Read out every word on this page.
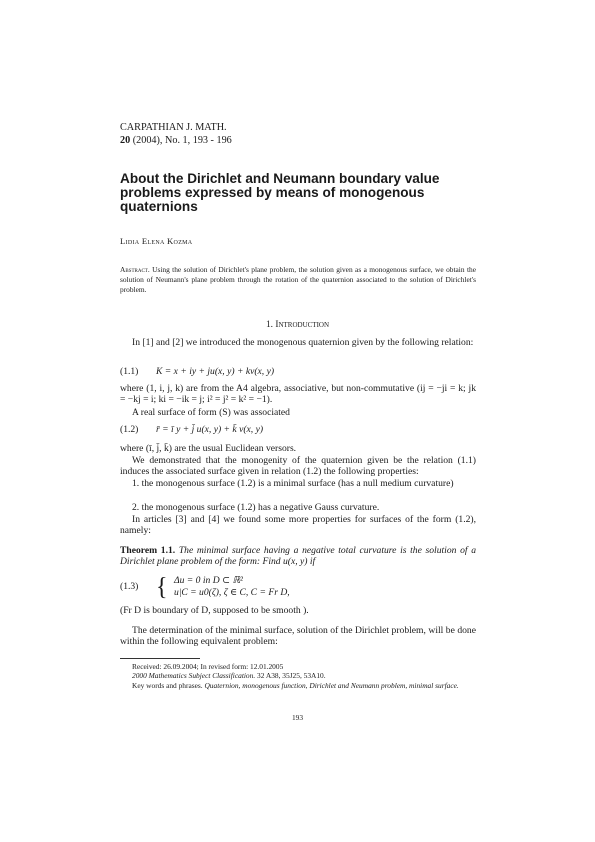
CARPATHIAN J. MATH.
20 (2004), No. 1, 193 - 196
About the Dirichlet and Neumann boundary value problems expressed by means of monogenous quaternions
Lidia Elena Kozma
Abstract. Using the solution of Dirichlet's plane problem, the solution given as a monogenous surface, we obtain the solution of Neumann's plane problem through the rotation of the quaternion associated to the solution of Dirichlet's problem.
1. Introduction
In [1] and [2] we introduced the monogenous quaternion given by the following relation:
(1.1) K = x + iy + ju(x, y) + kv(x, y)
where (1, i, j, k) are from the A4 algebra, associative, but non-commutative (ij = −ji = k; jk = −kj = i; ki = −ik = j; i² = j² = k² = −1).
A real surface of form (S) was associated
(1.2) r̄ = ī y + j̄ u(x, y) + k̄ v(x, y)
where (ī, j̄, k̄) are the usual Euclidean versors.
We demonstrated that the monogenity of the quaternion given be the relation (1.1) induces the associated surface given in relation (1.2) the following properties:
1. the monogenous surface (1.2) is a minimal surface (has a null medium curvature)
2. the monogenous surface (1.2) has a negative Gauss curvature.
In articles [3] and [4] we found some more properties for surfaces of the form (1.2), namely:
Theorem 1.1. The minimal surface having a negative total curvature is the solution of a Dirichlet plane problem of the form: Find u(x, y) if
(1.3) { Δu = 0 in D ⊂ ℝ²
u|C = u0(ζ), ζ ∈ C, C = Fr D,
(Fr D is boundary of D, supposed to be smooth ).
The determination of the minimal surface, solution of the Dirichlet problem, will be done within the following equivalent problem:
Received: 26.09.2004; In revised form: 12.01.2005
2000 Mathematics Subject Classification. 32 A38, 35J25, 53A10.
Key words and phrases. Quaternion, monogenous function, Dirichlet and Neumann problem, minimal surface.
193
